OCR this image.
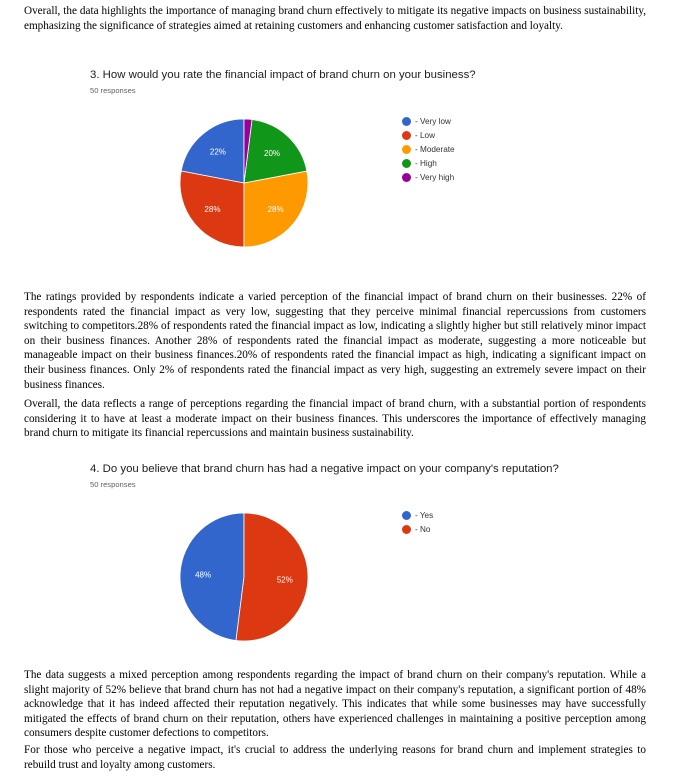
Overall, the data highlights the importance of managing brand churn effectively to mitigate its negative impacts on business sustainability, emphasizing the significance of strategies aimed at retaining customers and enhancing customer satisfaction and loyalty.

3. How would you rate the financial impact of brand churn on your business?
50 responses
22%
28%	28%
20%
- Very low
- Low
- Moderate
- High
- Very high

The ratings provided by respondents indicate a varied perception of the financial impact of brand churn on their businesses. 22% of respondents rated the financial impact as very low, suggesting that they perceive minimal financial repercussions from customers switching to competitors.28% of respondents rated the financial impact as low, indicating a slightly higher but still relatively minor impact on their business finances. Another 28% of respondents rated the financial impact as moderate, suggesting a more noticeable but manageable impact on their business finances.20% of respondents rated the financial impact as high, indicating a significant impact on their business finances. Only 2% of respondents rated the financial impact as very high, suggesting an extremely severe impact on their business finances.

Overall, the data reflects a range of perceptions regarding the financial impact of brand churn, with a substantial portion of respondents considering it to have at least a moderate impact on their business finances. This underscores the importance of effectively managing brand churn to mitigate its financial repercussions and maintain business sustainability.

4. Do you believe that brand churn has had a negative impact on your company's reputation?
50 responses
48%
52%
- Yes
- No

The data suggests a mixed perception among respondents regarding the impact of brand churn on their company's reputation. While a slight majority of 52% believe that brand churn has not had a negative impact on their company's reputation, a significant portion of 48% acknowledge that it has indeed affected their reputation negatively. This indicates that while some businesses may have successfully mitigated the effects of brand churn on their reputation, others have experienced challenges in maintaining a positive perception among consumers despite customer defections to competitors.

For those who perceive a negative impact, it's crucial to address the underlying reasons for brand churn and implement strategies to rebuild trust and loyalty among customers.
